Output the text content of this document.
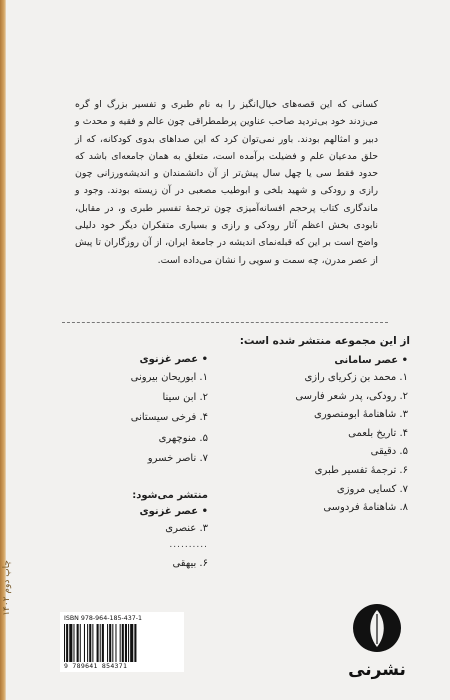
چاپ دوم ۱۴۰۲
کسانی که این قصه‌های خیال‌انگیز را به نام طبری و تفسیر بزرگ او گره می‌زدند خود بی‌تردید صاحب عناوین پرطمطراقی چون عالم و فقیه و محدث و دبیر و امثالهم بودند. باور نمی‌توان کرد که این صداهای بدوی کودکانه، که از حلق مدعیان علم و فضیلت برآمده است، متعلق به همان جامعه‌ای باشد که حدود فقط سی یا چهل سال پیش‌تر از آن دانشمندان و اندیشه‌ورزانی چون رازی و رودکی و شهید بلخی و ابوطیب مصعبی در آن زیسته بودند. وجود و ماندگاری کتاب پرحجم افسانه‌آمیزی چون ترجمهٔ تفسیر طبری و، در مقابل، نابودی بخش اعظم آثار رودکی و رازی و بسیاری متفکران دیگر خود دلیلی واضح است بر این که قبله‌نمای اندیشه در جامعهٔ ایران، از آن روزگاران تا پیش از عصر مدرن، چه سمت و سویی را نشان می‌داده است.
از این مجموعه منتشر شده است:
• عصر سامانی
۱. محمد بن زکریای رازی
۲. رودکی، پدر شعر فارسی
۳. شاهنامهٔ ابومنصوری
۴. تاریخ بلعمی
۵. دقیقی
۶. ترجمهٔ تفسیر طبری
۷. کسایی مروزی
۸. شاهنامهٔ فردوسی
• عصر غزنوی
۱. ابوریحان بیرونی
۲. ابن سینا
۴. فرخی سیستانی
۵. منوچهری
۷. ناصر خسرو
منتشر می‌شود:
• عصر غزنوی
۳. عنصری
..........
۶. بیهقی
ISBN 978-964-185-437-1
9 789641 854371	نشرنی
